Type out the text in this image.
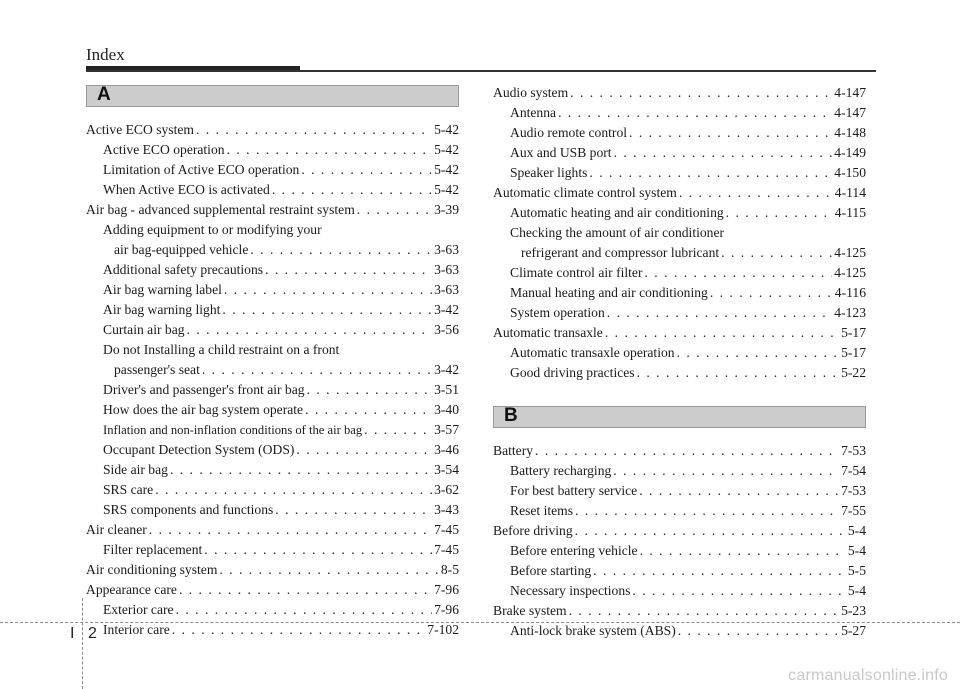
Index
A
Active ECO system . . .	5-42
Active ECO operation . . .	5-42
Limitation of Active ECO operation . . .	5-42
When Active ECO is activated . . .	5-42
Air bag - advanced supplemental restraint system . . .	3-39
Adding equipment to or modifying your
air bag-equipped vehicle . . .	3-63
Additional safety precautions . . .	3-63
Air bag warning label . . .	3-63
Air bag warning light . . .	3-42
Curtain air bag . . .	3-56
Do not Installing a child restraint on a front
passenger's seat . . .	3-42
Driver's and passenger's front air bag . . .	3-51
How does the air bag system operate . . .	3-40
Inflation and non-inflation conditions of the air bag . . .	3-57
Occupant Detection System (ODS) . . .	3-46
Side air bag . . .	3-54
SRS care . . .	3-62
SRS components and functions . . .	3-43
Air cleaner . . .	7-45
Filter replacement . . .	7-45
Air conditioning system . . .	8-5
Appearance care . . .	7-96
Exterior care . . .	7-96
Interior care . . .	7-102
Audio system . . .	4-147
Antenna . . .	4-147
Audio remote control . . .	4-148
Aux and USB port . . .	4-149
Speaker lights . . .	4-150
Automatic climate control system . . .	4-114
Automatic heating and air conditioning . . .	4-115
Checking the amount of air conditioner
refrigerant and compressor lubricant . . .	4-125
Climate control air filter . . .	4-125
Manual heating and air conditioning . . .	4-116
System operation . . .	4-123
Automatic transaxle . . .	5-17
Automatic transaxle operation . . .	5-17
Good driving practices . . .	5-22
B
Battery . . .	7-53
Battery recharging . . .	7-54
For best battery service . . .	7-53
Reset items . . .	7-55
Before driving . . .	5-4
Before entering vehicle . . .	5-4
Before starting . . .	5-5
Necessary inspections . . .	5-4
Brake system . . .	5-23
Anti-lock brake system (ABS) . . .	5-27
I 2
carmanualsonline.info
